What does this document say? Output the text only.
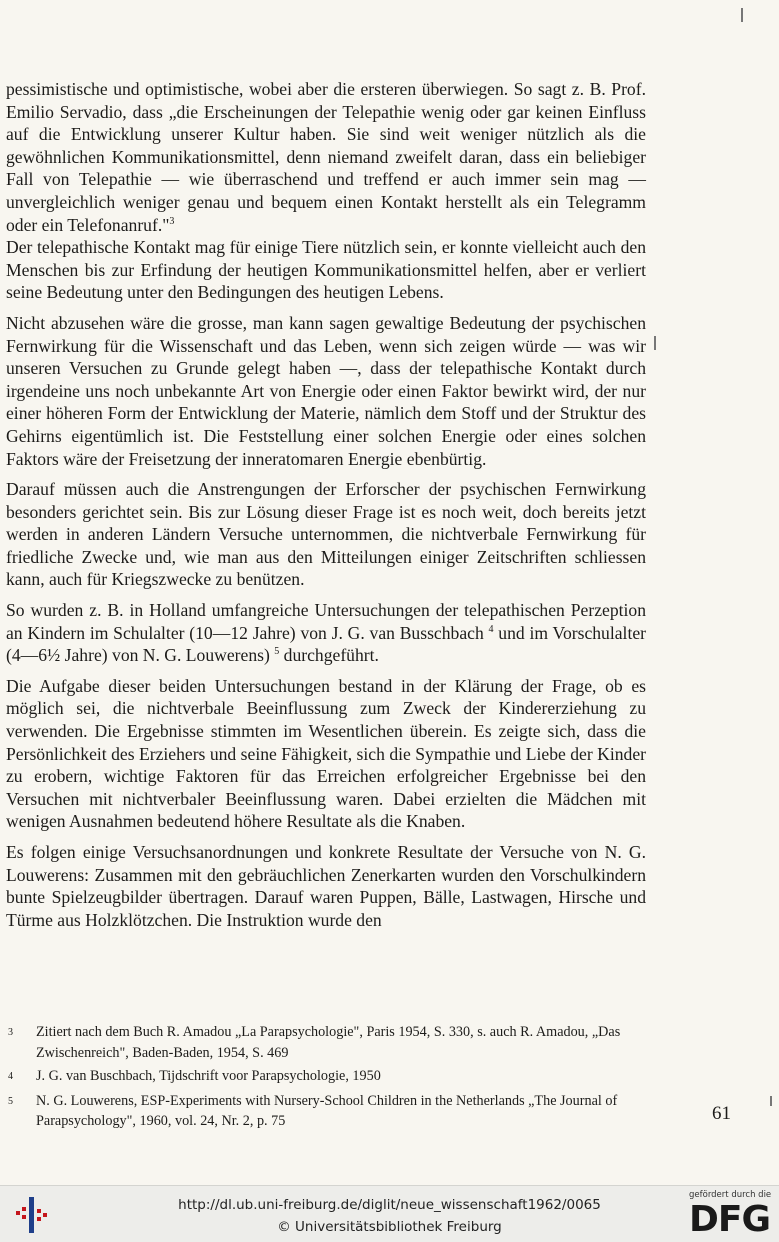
pessimistische und optimistische, wobei aber die ersteren überwiegen. So sagt z. B. Prof. Emilio Servadio, dass „die Erscheinungen der Telepathie wenig oder gar keinen Einfluss auf die Entwicklung unserer Kultur haben. Sie sind weit weniger nützlich als die gewöhnlichen Kommunikationsmittel, denn niemand zweifelt daran, dass ein beliebiger Fall von Telepathie — wie überraschend und treffend er auch immer sein mag — unvergleichlich weniger genau und bequem einen Kontakt herstellt als ein Telegramm oder ein Telefonanruf."$^3$

Der telepathische Kontakt mag für einige Tiere nützlich sein, er konnte vielleicht auch den Menschen bis zur Erfindung der heutigen Kommunikationsmittel helfen, aber er verliert seine Bedeutung unter den Bedingungen des heutigen Lebens.

Nicht abzusehen wäre die grosse, man kann sagen gewaltige Bedeutung der psychischen Fernwirkung für die Wissenschaft und das Leben, wenn sich zeigen würde — was wir unseren Versuchen zu Grunde gelegt haben —, dass der telepathische Kontakt durch irgendeine uns noch unbekannte Art von Energie oder einen Faktor bewirkt wird, der nur einer höheren Form der Entwicklung der Materie, nämlich dem Stoff und der Struktur des Gehirns eigentümlich ist. Die Feststellung einer solchen Energie oder eines solchen Faktors wäre der Freisetzung der inneratomaren Energie ebenbürtig.

Darauf müssen auch die Anstrengungen der Erforscher der psychischen Fernwirkung besonders gerichtet sein. Bis zur Lösung dieser Frage ist es noch weit, doch bereits jetzt werden in anderen Ländern Versuche unternommen, die nichtverbale Fernwirkung für friedliche Zwecke und, wie man aus den Mitteilungen einiger Zeitschriften schliessen kann, auch für Kriegszwecke zu benützen.

So wurden z. B. in Holland umfangreiche Untersuchungen der telepathischen Perzeption an Kindern im Schulalter (10—12 Jahre) von J. G. van Busschbach $^4$ und im Vorschulalter (4—6½ Jahre) von N. G. Louwerens) $^5$ durchgeführt.

Die Aufgabe dieser beiden Untersuchungen bestand in der Klärung der Frage, ob es möglich sei, die nichtverbale Beeinflussung zum Zweck der Kindererziehung zu verwenden. Die Ergebnisse stimmten im Wesentlichen überein. Es zeigte sich, dass die Persönlichkeit des Erziehers und seine Fähigkeit, sich die Sympathie und Liebe der Kinder zu erobern, wichtige Faktoren für das Erreichen erfolgreicher Ergebnisse bei den Versuchen mit nichtverbaler Beeinflussung waren. Dabei erzielten die Mädchen mit wenigen Ausnahmen bedeutend höhere Resultate als die Knaben.

Es folgen einige Versuchsanordnungen und konkrete Resultate der Versuche von N. G. Louwerens: Zusammen mit den gebräuchlichen Zenerkarten wurden den Vorschulkindern bunte Spielzeugbilder übertragen. Darauf waren Puppen, Bälle, Lastwagen, Hirsche und Türme aus Holzklötzchen. Die Instruktion wurde den

3	Zitiert nach dem Buch R. Amadou „La Parapsychologie", Paris 1954, S. 330, s. auch R. Amadou, „Das Zwischenreich", Baden-Baden, 1954, S. 469
4	J. G. van Buschbach, Tijdschrift voor Parapsychologie, 1950
5	N. G. Louwerens, ESP-Experiments with Nursery-School Children in the Netherlands „The Journal of Parapsychology", 1960, vol. 24, Nr. 2, p. 75	61
http://dl.ub.uni-freiburg.de/diglit/neue_wissenschaft1962/0065
© Universitätsbibliothek Freiburg
gefördert durch die
DFG
